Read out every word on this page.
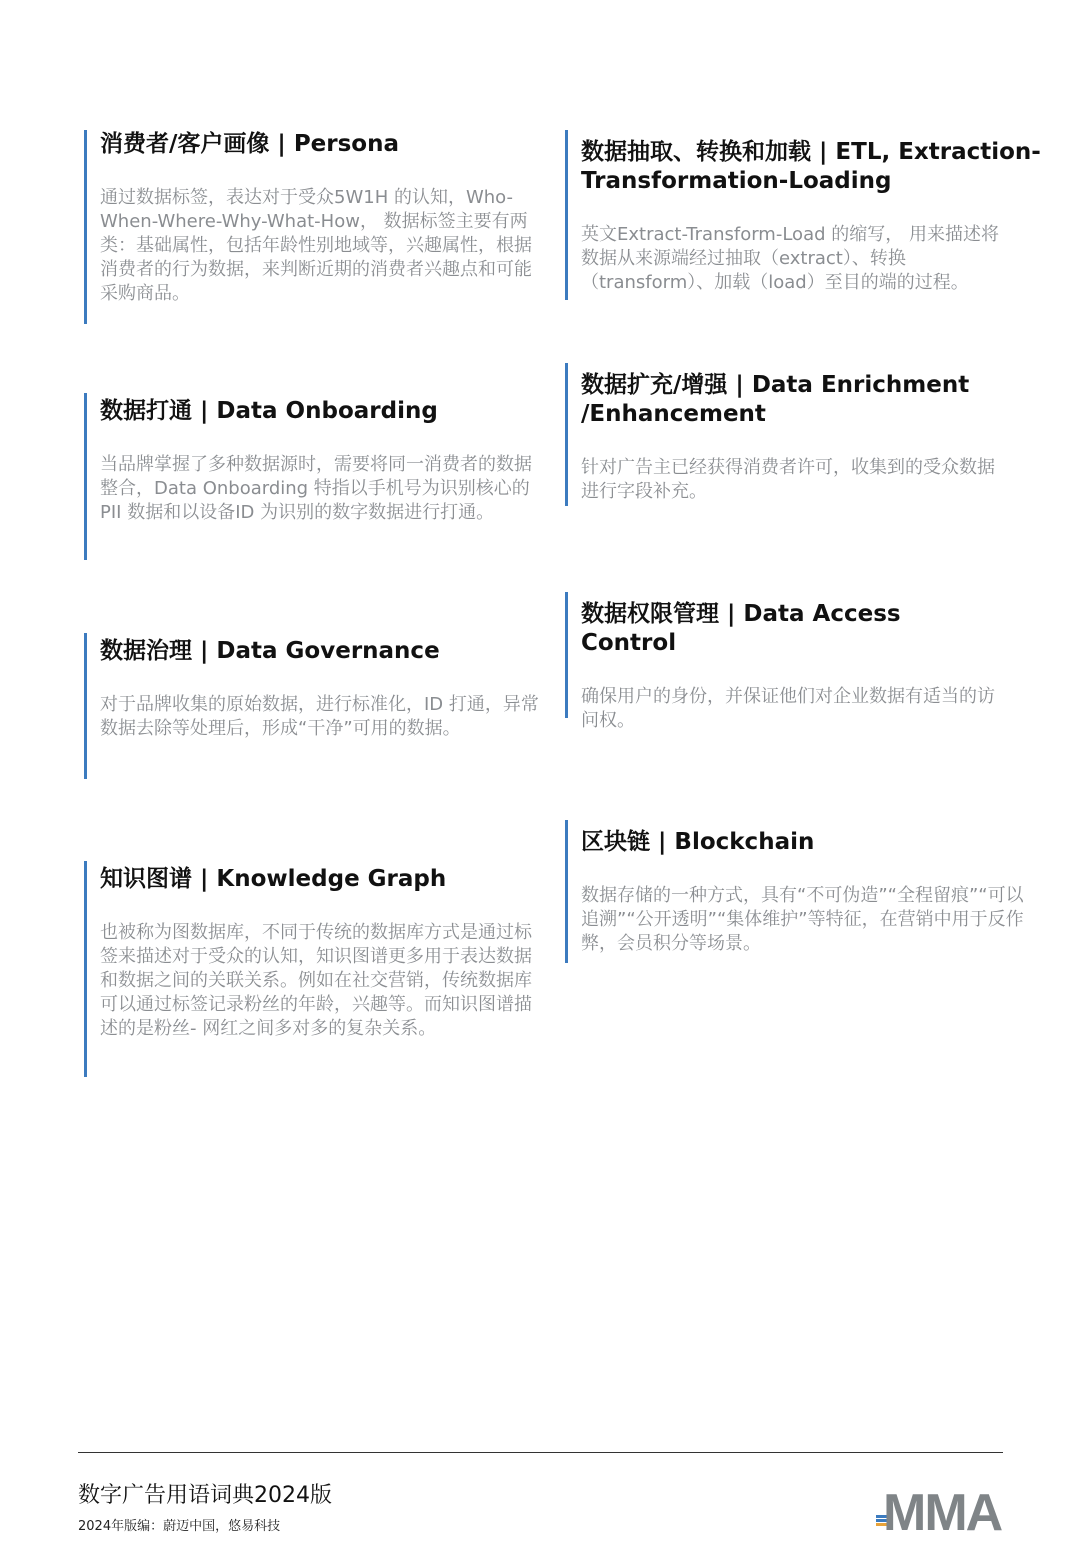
消费者/客户画像 | Persona

通过数据标签，表达对于受众5W1H 的认知，Who-When-Where-Why-What-How， 数据标签主要有两类：基础属性，包括年龄性别地域等，兴趣属性，根据消费者的行为数据，来判断近期的消费者兴趣点和可能采购商品。

数据抽取、转换和加载 | ETL, Extraction-Transformation-Loading

英文Extract-Transform-Load 的缩写， 用来描述将数据从来源端经过抽取（extract）、转换（transform）、加载（load）至目的端的过程。

数据打通 | Data Onboarding

当品牌掌握了多种数据源时，需要将同一消费者的数据整合，Data Onboarding 特指以手机号为识别核心的PII 数据和以设备ID 为识别的数字数据进行打通。

数据扩充/增强 | Data Enrichment /Enhancement

针对广告主已经获得消费者许可，收集到的受众数据进行字段补充。

数据治理 | Data Governance

对于品牌收集的原始数据，进行标准化，ID 打通，异常数据去除等处理后，形成“干净”可用的数据。

数据权限管理 | Data Access Control

确保用户的身份，并保证他们对企业数据有适当的访问权。

知识图谱 | Knowledge Graph

也被称为图数据库，不同于传统的数据库方式是通过标签来描述对于受众的认知，知识图谱更多用于表达数据和数据之间的关联关系。例如在社交营销，传统数据库可以通过标签记录粉丝的年龄，兴趣等。而知识图谱描述的是粉丝- 网红之间多对多的复杂关系。

区块链 | Blockchain

数据存储的一种方式，具有“不可伪造”“全程留痕”“可以追溯”“公开透明”“集体维护”等特征，在营销中用于反作弊，会员积分等场景。

数字广告用语词典2024版
2024年版编：蔚迈中国，悠易科技	MMA
